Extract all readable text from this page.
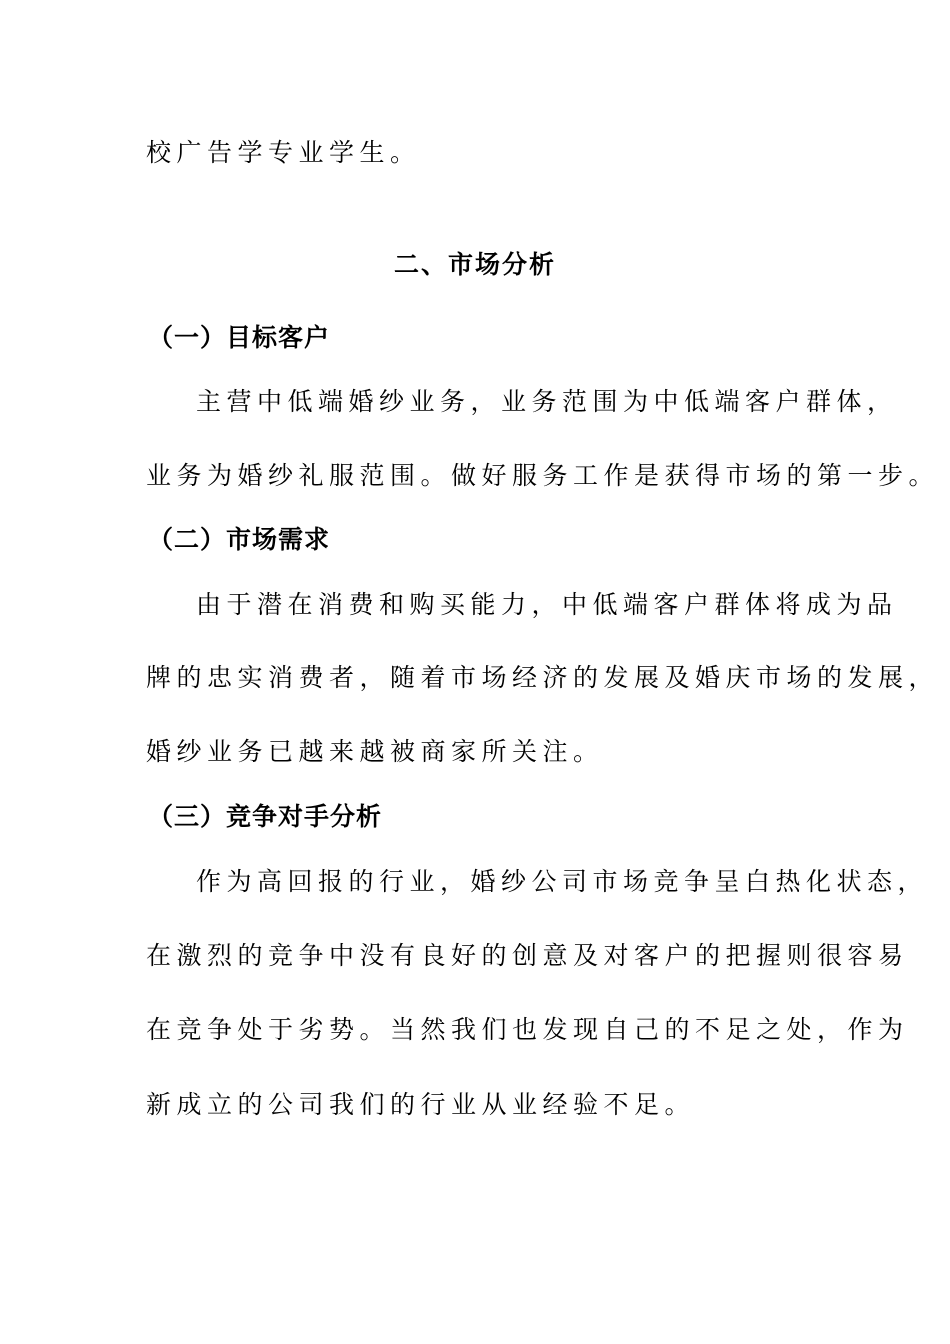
校广告学专业学生。
二、市场分析
（一）目标客户
主营中低端婚纱业务，业务范围为中低端客户群体，
业务为婚纱礼服范围。做好服务工作是获得市场的第一步。
（二）市场需求
由于潜在消费和购买能力，中低端客户群体将成为品
牌的忠实消费者，随着市场经济的发展及婚庆市场的发展，
婚纱业务已越来越被商家所关注。
（三）竞争对手分析
作为高回报的行业，婚纱公司市场竞争呈白热化状态，
在激烈的竞争中没有良好的创意及对客户的把握则很容易
在竞争处于劣势。当然我们也发现自己的不足之处，作为
新成立的公司我们的行业从业经验不足。
